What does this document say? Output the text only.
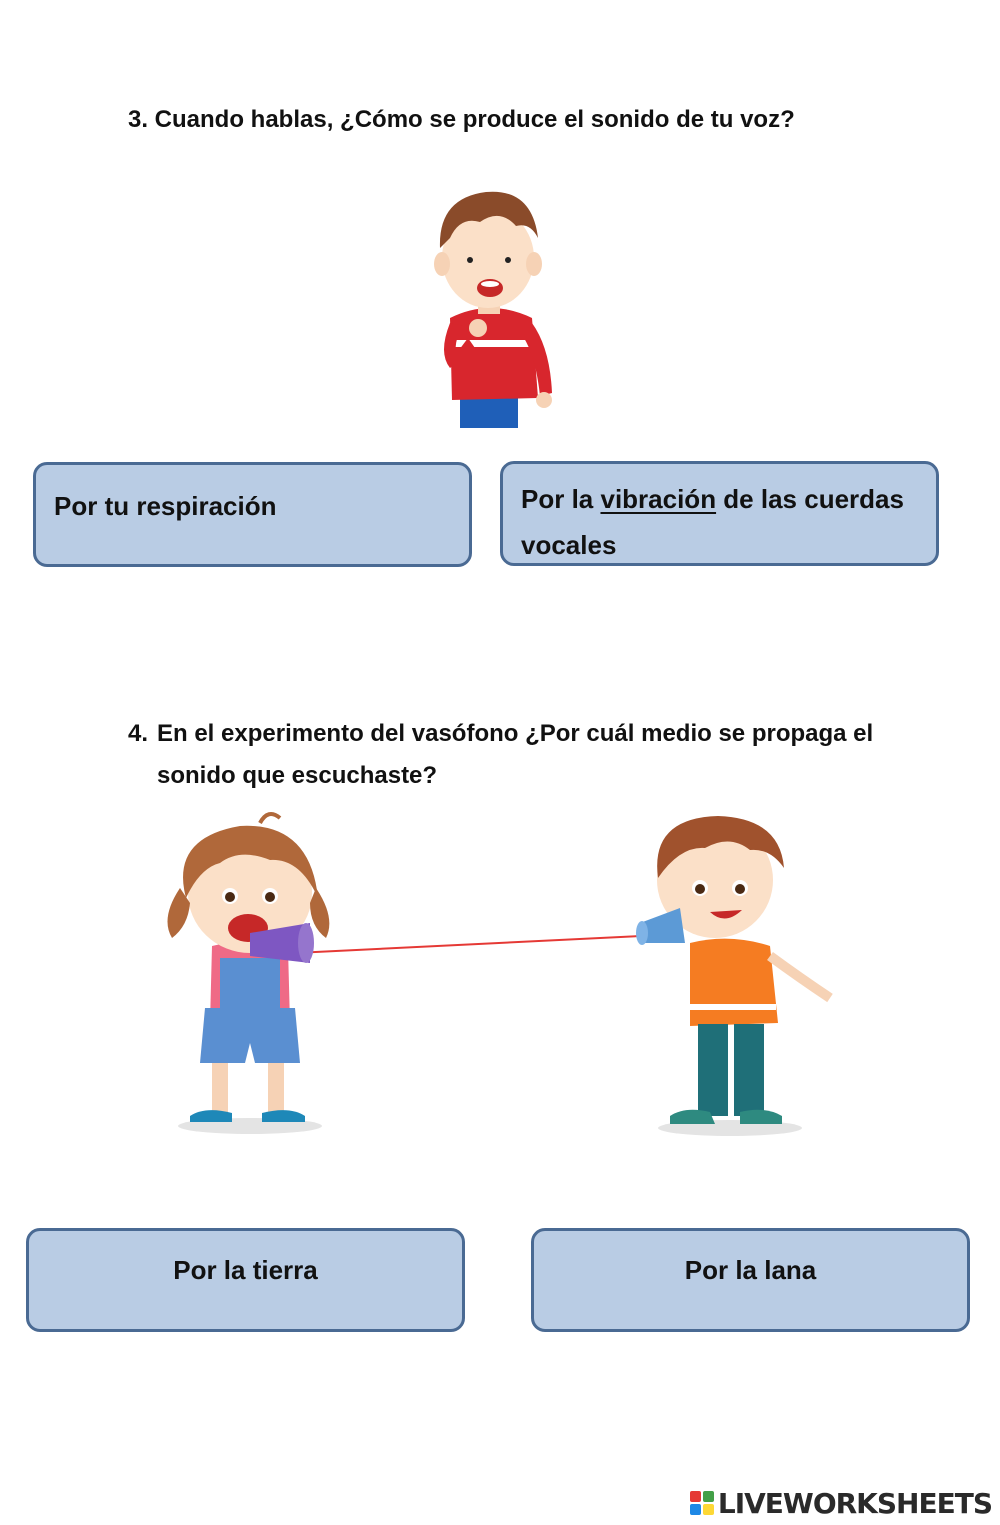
3. Cuando hablas, ¿Cómo se produce el sonido de tu voz?
Por tu respiración	Por la vibración de las cuerdas vocales
4. En el experimento del vasófono ¿Por cuál medio se propaga el
sonido que escuchaste?
Por la tierra	Por la lana
LIVEWORKSHEETS
